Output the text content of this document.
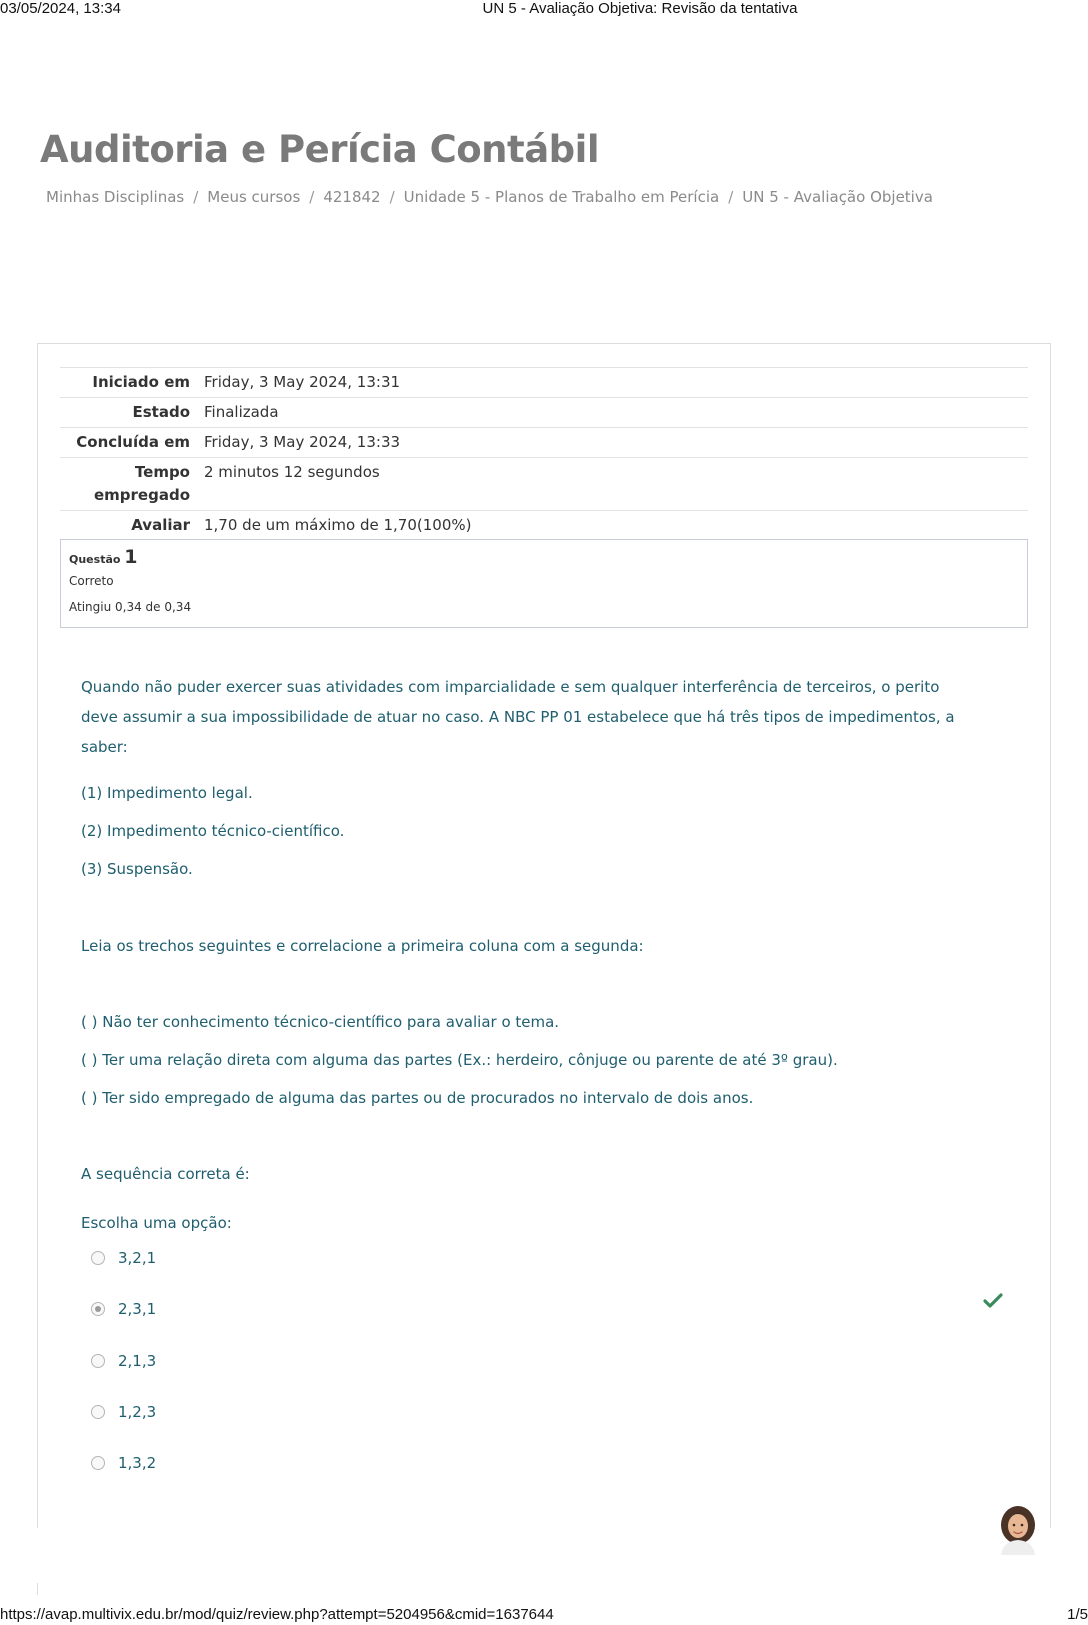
03/05/2024, 13:34	UN 5 - Avaliação Objetiva: Revisão da tentativa
Auditoria e Perícia Contábil
Minhas Disciplinas / Meus cursos / 421842 / Unidade 5 - Planos de Trabalho em Perícia / UN 5 - Avaliação Objetiva
Iniciado em Friday, 3 May 2024, 13:31
Estado Finalizada
Concluída em Friday, 3 May 2024, 13:33
Tempo
empregado
2 minutos 12 segundos
Avaliar 1,70 de um máximo de 1,70(100%)
Questão 1
Correto
Atingiu 0,34 de 0,34
Quando não puder exercer suas atividades com imparcialidade e sem qualquer interferência de terceiros, o perito deve assumir a sua impossibilidade de atuar no caso. A NBC PP 01 estabelece que há três tipos de impedimentos, a saber:
(1) Impedimento legal.
(2) Impedimento técnico-científico.
(3) Suspensão.
Leia os trechos seguintes e correlacione a primeira coluna com a segunda:
( ) Não ter conhecimento técnico-científico para avaliar o tema.
( ) Ter uma relação direta com alguma das partes (Ex.: herdeiro, cônjuge ou parente de até 3º grau).
( ) Ter sido empregado de alguma das partes ou de procurados no intervalo de dois anos.
A sequência correta é:
Escolha uma opção:
3,2,1
2,3,1
2,1,3
1,2,3
1,3,2
https://avap.multivix.edu.br/mod/quiz/review.php?attempt=5204956&cmid=1637644	1/5
